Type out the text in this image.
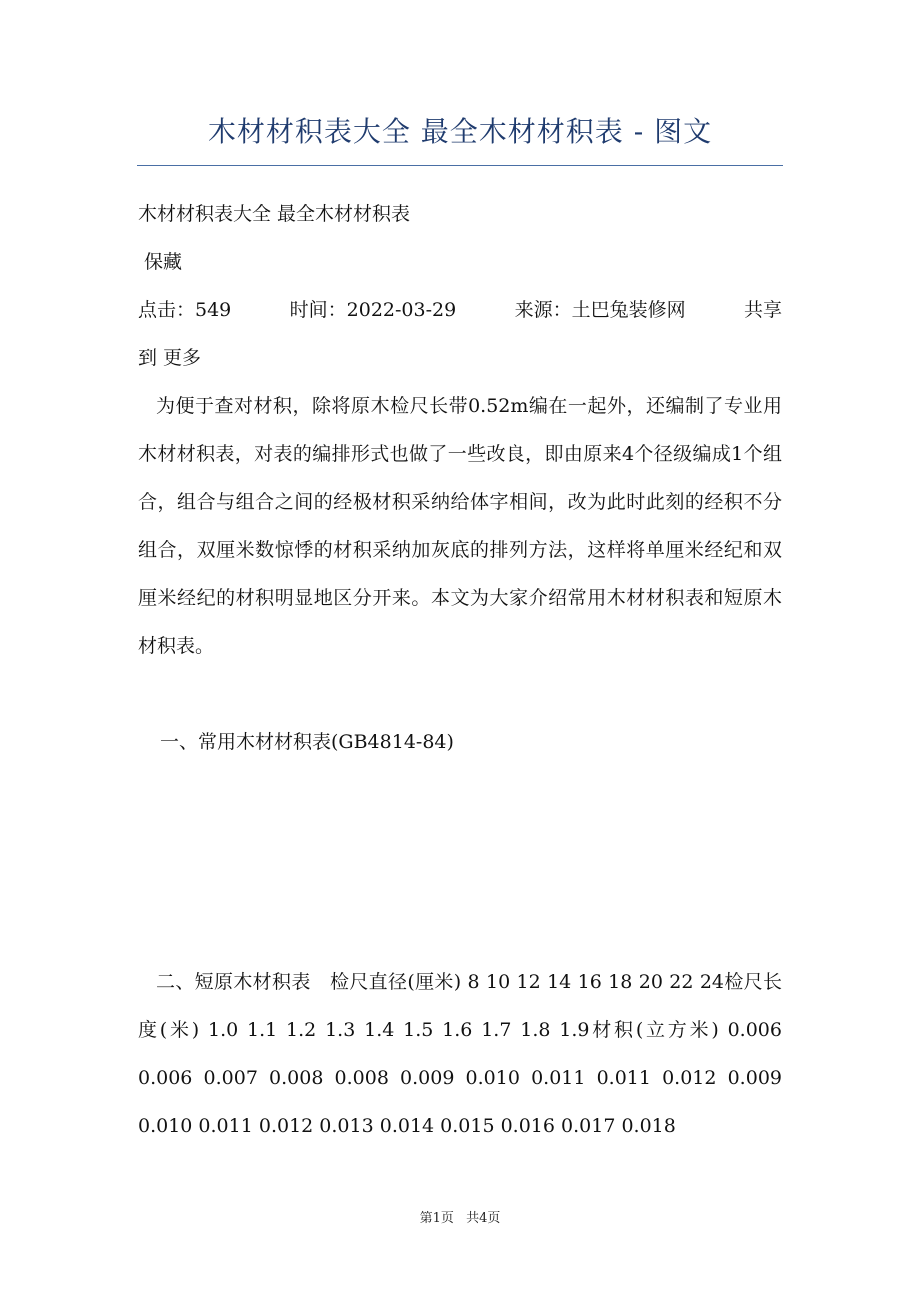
木材材积表大全 最全木材材积表 - 图文

木材材积表大全 最全木材材积表

保藏

点击：549	时间：2022-03-29	来源：土巴兔装修网	共享

到 更多

为便于查对材积，除将原木检尺长带0.52m编在一起外，还编制了专业用木材材积表，对表的编排形式也做了一些改良，即由原来4个径级编成1个组合，组合与组合之间的经极材积采纳给体字相间，改为此时此刻的经积不分组合，双厘米数惊悸的材积采纳加灰底的排列方法，这样将单厘米经纪和双厘米经纪的材积明显地区分开来。本文为大家介绍常用木材材积表和短原木材积表。

一、常用木材材积表(GB4814-84)

二、短原木材积表　检尺直径(厘米) 8 10 12 14 16 18 20 22 24检尺长度(米) 1.0 1.1 1.2 1.3 1.4 1.5 1.6 1.7 1.8 1.9材积(立方米) 0.006 0.006 0.007 0.008 0.008 0.009 0.010 0.011 0.011 0.012 0.009 0.010 0.011 0.012 0.013 0.014 0.015 0.016 0.017 0.018

第1页 共4页
